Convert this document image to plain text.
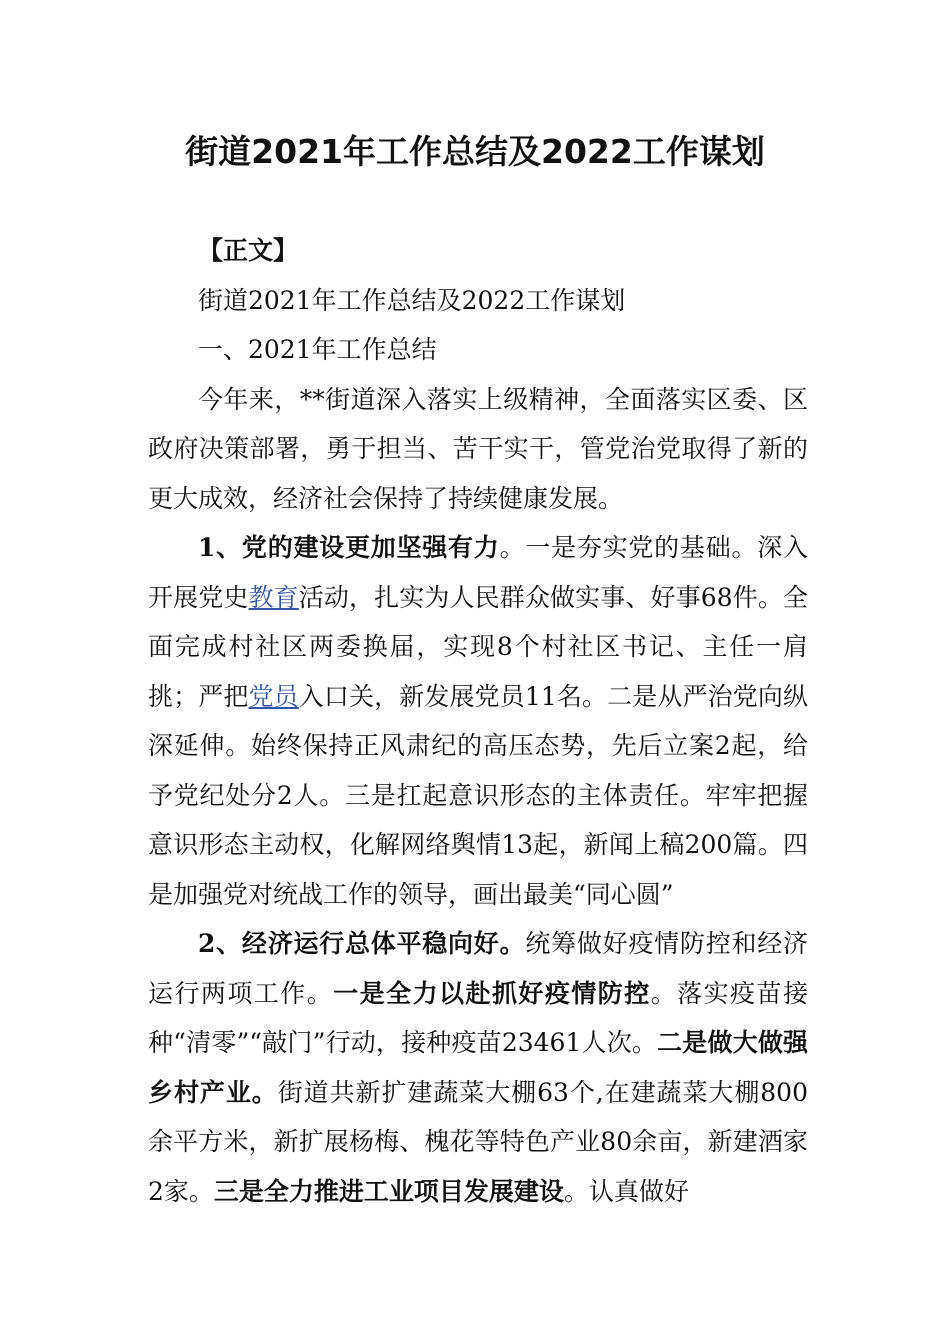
街道2021年工作总结及2022工作谋划

【正文】

街道2021年工作总结及2022工作谋划

一、2021年工作总结

今年来，**街道深入落实上级精神，全面落实区委、区政府决策部署，勇于担当、苦干实干，管党治党取得了新的更大成效，经济社会保持了持续健康发展。

1、党的建设更加坚强有力。一是夯实党的基础。深入开展党史教育活动，扎实为人民群众做实事、好事68件。全面完成村社区两委换届，实现8个村社区书记、主任一肩挑；严把党员入口关，新发展党员11名。二是从严治党向纵深延伸。始终保持正风肃纪的高压态势，先后立案2起，给予党纪处分2人。三是扛起意识形态的主体责任。牢牢把握意识形态主动权，化解网络舆情13起，新闻上稿200篇。四是加强党对统战工作的领导，画出最美“同心圆”

2、经济运行总体平稳向好。统筹做好疫情防控和经济运行两项工作。一是全力以赴抓好疫情防控。落实疫苗接种“清零”“敲门”行动，接种疫苗23461人次。二是做大做强乡村产业。街道共新扩建蔬菜大棚63个,在建蔬菜大棚800余平方米，新扩展杨梅、槐花等特色产业80余亩，新建酒家2家。三是全力推进工业项目发展建设。认真做好
